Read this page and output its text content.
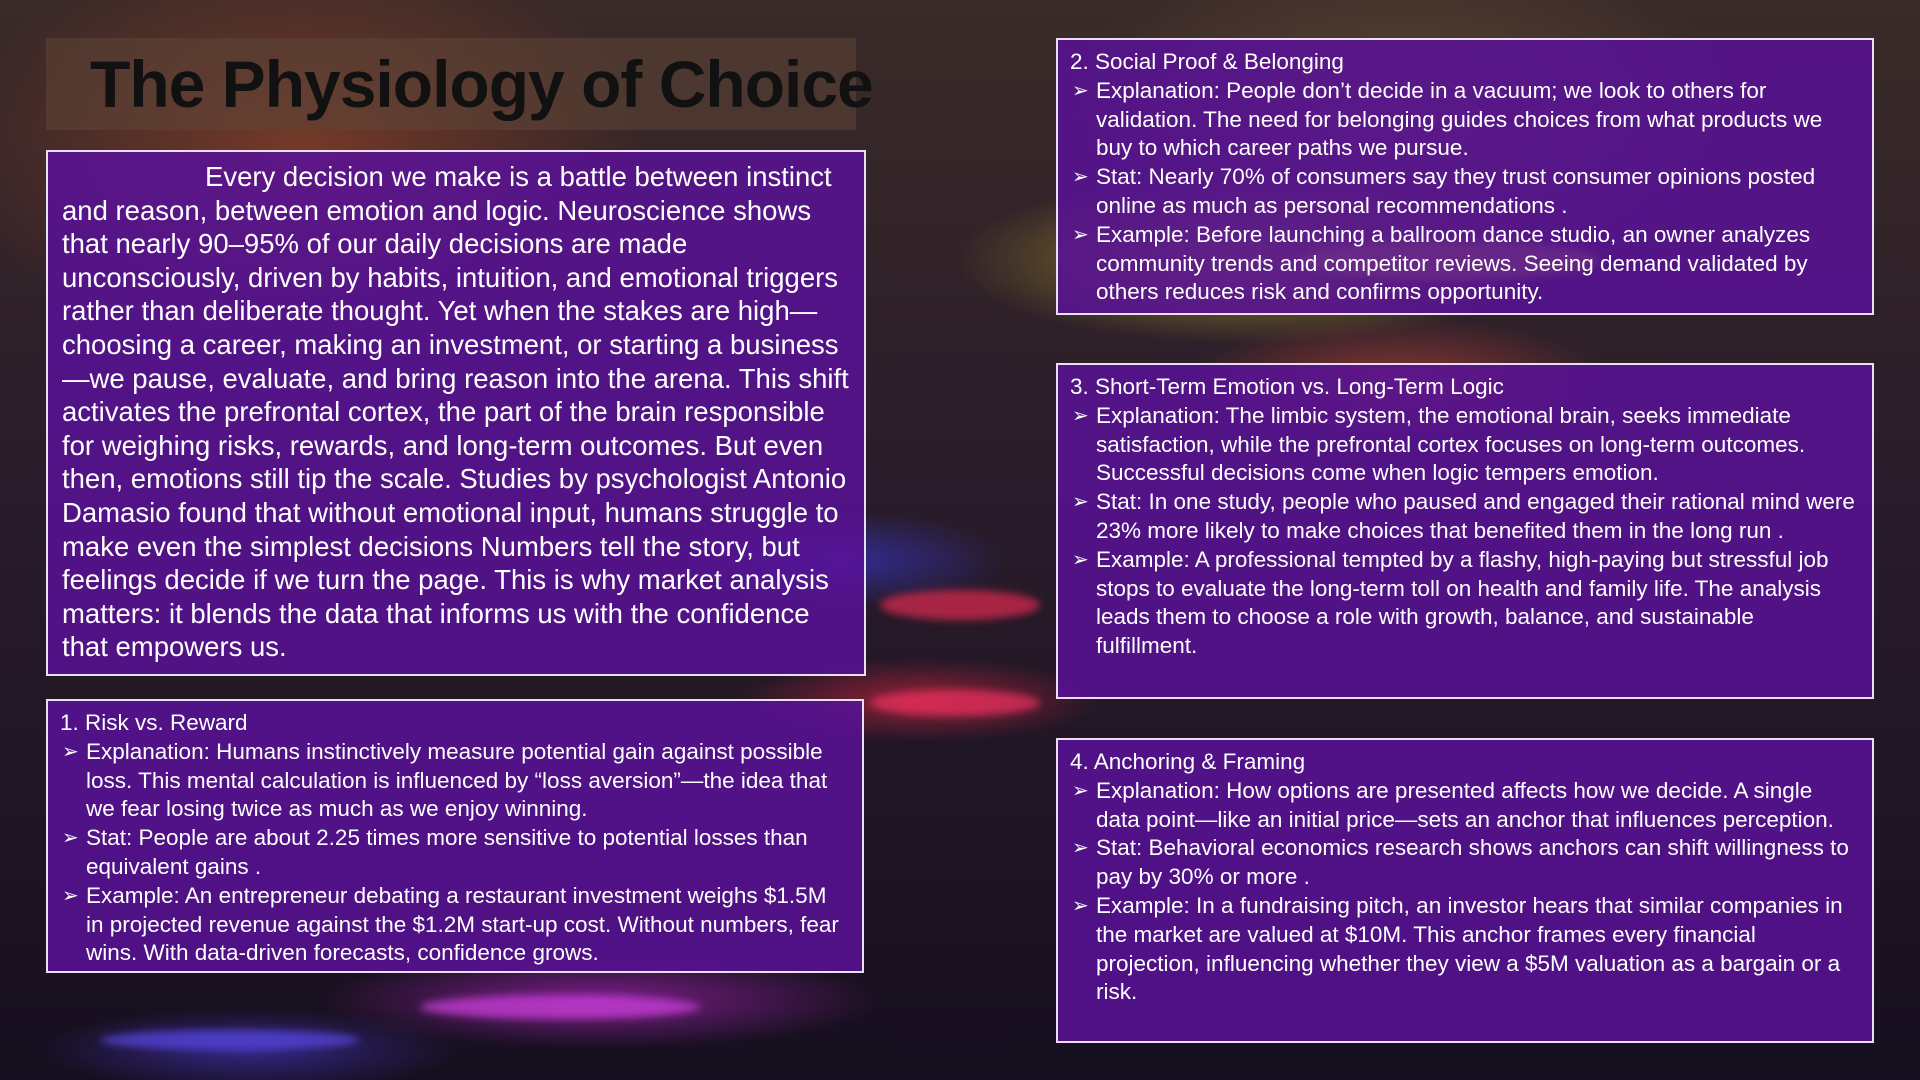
The Physiology of Choice

Every decision we make is a battle between instinct and reason, between emotion and logic. Neuroscience shows that nearly 90–95% of our daily decisions are made unconsciously, driven by habits, intuition, and emotional triggers rather than deliberate thought. Yet when the stakes are high—choosing a career, making an investment, or starting a business—we pause, evaluate, and bring reason into the arena. This shift activates the prefrontal cortex, the part of the brain responsible for weighing risks, rewards, and long-term outcomes. But even then, emotions still tip the scale. Studies by psychologist Antonio Damasio found that without emotional input, humans struggle to make even the simplest decisions Numbers tell the story, but feelings decide if we turn the page. This is why market analysis matters: it blends the data that informs us with the confidence that empowers us.

1. Risk vs. Reward
➢ Explanation: Humans instinctively measure potential gain against possible loss. This mental calculation is influenced by “loss aversion”—the idea that we fear losing twice as much as we enjoy winning.
➢ Stat: People are about 2.25 times more sensitive to potential losses than equivalent gains .
➢ Example: An entrepreneur debating a restaurant investment weighs $1.5M in projected revenue against the $1.2M start-up cost. Without numbers, fear wins. With data-driven forecasts, confidence grows.
2. Social Proof & Belonging
➢ Explanation: People don’t decide in a vacuum; we look to others for validation. The need for belonging guides choices from what products we buy to which career paths we pursue.
➢ Stat: Nearly 70% of consumers say they trust consumer opinions posted online as much as personal recommendations .
➢ Example: Before launching a ballroom dance studio, an owner analyzes community trends and competitor reviews. Seeing demand validated by others reduces risk and confirms opportunity.
3. Short-Term Emotion vs. Long-Term Logic
➢ Explanation: The limbic system, the emotional brain, seeks immediate satisfaction, while the prefrontal cortex focuses on long-term outcomes. Successful decisions come when logic tempers emotion.
➢ Stat: In one study, people who paused and engaged their rational mind were 23% more likely to make choices that benefited them in the long run .
➢ Example: A professional tempted by a flashy, high-paying but stressful job stops to evaluate the long-term toll on health and family life. The analysis leads them to choose a role with growth, balance, and sustainable fulfillment.
4. Anchoring & Framing
➢ Explanation: How options are presented affects how we decide. A single data point—like an initial price—sets an anchor that influences perception.
➢ Stat: Behavioral economics research shows anchors can shift willingness to pay by 30% or more .
➢ Example: In a fundraising pitch, an investor hears that similar companies in the market are valued at $10M. This anchor frames every financial projection, influencing whether they view a $5M valuation as a bargain or a risk.
